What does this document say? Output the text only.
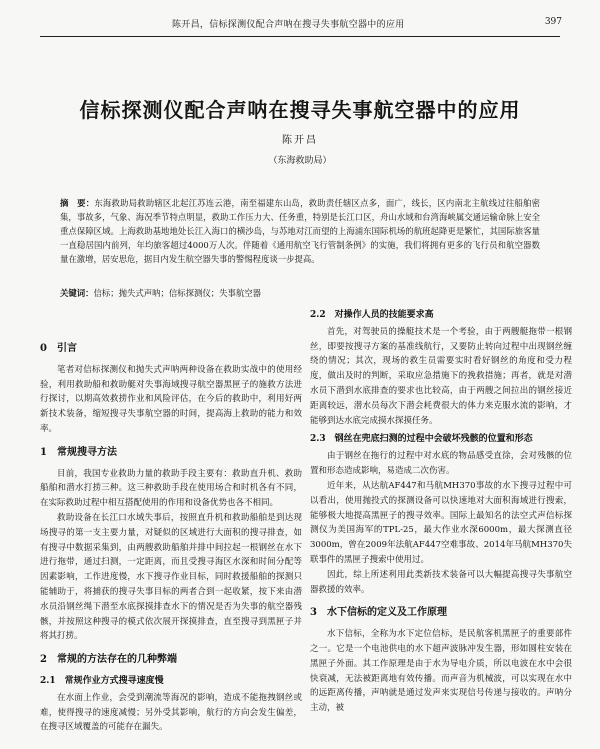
陈开昌，信标探测仪配合声呐在搜寻失事航空器中的应用	397
信标探测仪配合声呐在搜寻失事航空器中的应用
陈开昌
（东海救助局）
摘　要：东海救助局救助辖区北起江苏连云港，南至福建东山岛，救助责任辖区点多，面广，线长，区内南北主航线过往船舶密集，事故多，气象、海况季节特点明显，救助工作压力大、任务重，特别是长江口区，舟山水域和台湾海峡属交通运输命脉上安全重点保障区域。上海救助基地地处长江入海口的横沙岛，与苏地对江而望的上海浦东国际机场的航班起降更是繁忙，其国际旅客量一直稳居国内前列，年均旅客超过4000万人次。伴随着《通用航空飞行管制条例》的实施，我们将拥有更多的飞行员和航空器数量在激增，居安思危，据目内发生航空器失事的警惕程度谈一步提高。
关键词：信标；抛失式声呐；信标探测仪；失事航空器
0　引言

笔者对信标探测仪和抛失式声呐两种设备在救助实战中的使用经验，利用救助船和救助艇对失事海域搜寻航空器黑匣子的施救方法进行探讨，以期高效救捞作业和风险评估，在今后的救助中，利用好两新技术装备，缩短搜寻失事航空器的时间，提高海上救助的能力和效率。

1　常规搜寻方法

目前，我国专业救助力量的救助手段主要有：救助直升机、救助船舶和潜水打捞三种。这三种救助手段在使用场合和时机各有不同，在实际救助过程中相互搭配使用的作用和设备优势也各不相同。

救助设备在长江口水域失事后，按照直升机和救助船舶是到达现场搜寻的第一支主要力量，对疑似的区域进行大面积的搜寻排查，如有搜寻中数据采集到，由两艘救助船舶并排中间拉起一根钢丝在水下进行拖带，通过扫测，一定距离，而且受搜寻海区水深和时间分配等因素影响，工作进度慢，水下搜寻作业目标，同时救援船舶的探测只能辅助于，将捕获的搜寻失事目标的两者合到一起收紧，按下来由潜水员沿钢丝绳下潜至水底探摸排查水下的情况是否为失事的航空器残骸，并按照这种搜寻的模式依次展开探摸排查，直至搜寻到黑匣子并将其打捞。

2　常规的方法存在的几种弊端
2.1　常规作业方式搜寻速度慢

在水面上作业，会受到潮流等海况的影响，造成不能拖拽钢丝或难，使得搜寻的速度减慢；另外受其影响，航行的方向会发生偏差，在搜寻区域覆盖的可能存在漏失。

2.2　对操作人员的技能要求高

首先，对驾驶员的操艇技术是一个考验，由于两艘艇拖带一根钢丝，即要按搜寻方案的基准线航行，又要防止转向过程中出现钢丝缠绕的情况；其次，现场的救生员需要实时看好钢丝的角度和受力程度，做出及时的判断，采取应急措施下的挽救措施；再者，就是对潜水员下潜到水底排查的要求也比较高，由于两艘之间拉出的钢丝接近距离较远，潜水员每次下潜会耗费很大的体力来克服水流的影响，才能够到达水底完成摸水探摸任务。

2.3　钢丝在兜底扫测的过程中会破坏残骸的位置和形态

由于钢丝在拖行的过程中对水底的物品感受直徐，会对残骸的位置和形态造成影响，易造成二次伤害。

近年来，从达航AF447和马航MH370事故的水下搜寻过程中可以看出，使用抛投式的探测设备可以快速地对大面积海域进行搜索，能够极大地提高黑匣子的搜寻效率。国际上最知名的法空式声信标探测仪为美国海军的TPL-25，最大作业水深6000m，最大探测直径3000m，曾在2009年法航AF447空难事故、2014年马航MH370失联事件的黑匣子搜索中使用过。

因此，综上所述利用此类新技术装备可以大幅提高搜寻失事航空器救援的效率。

3　水下信标的定义及工作原理

水下信标，全称为水下定位信标，是民航客机黑匣子的重要部件之一。它是一个电池供电的水下超声波脉冲发生器，形如圆柱安装在黑匣子外面。其工作原理是由于水为导电介质，所以电波在水中会很快衰减，无法被距离地有效传播。而声音为机械波，可以实现在水中的远距离传播，声呐就是通过发声来实现信号传递与接收的。声呐分主动，被
